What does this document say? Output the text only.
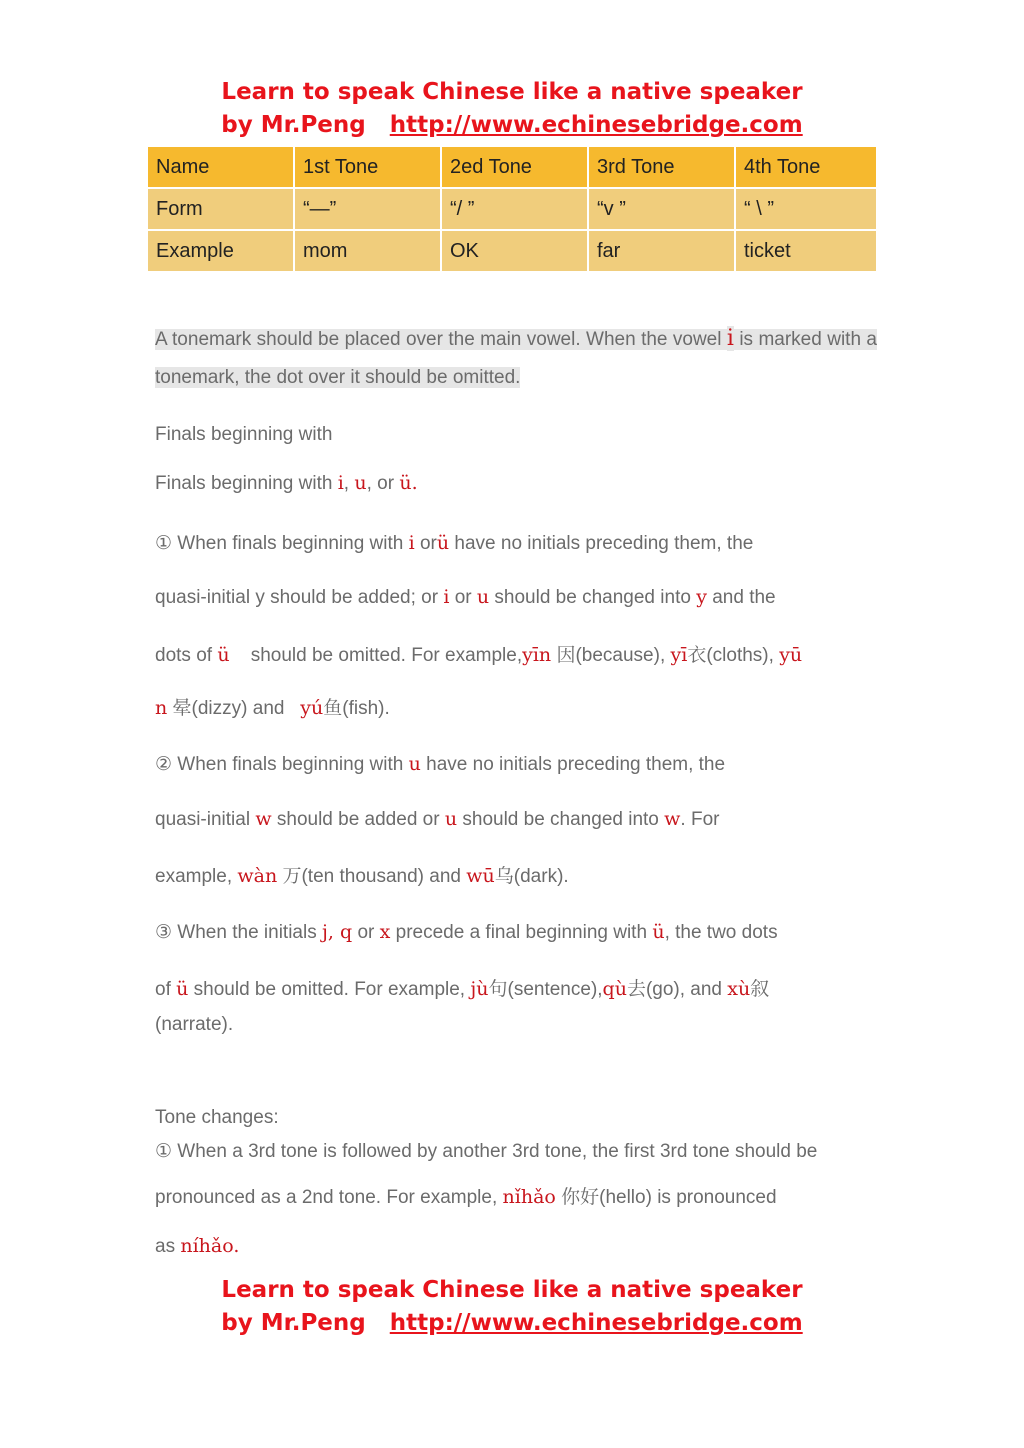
Learn to speak Chinese like a native speaker
by Mr.Peng http://www.echinesebridge.com
Name	1st Tone	2ed Tone	3rd Tone	4th Tone
Form	“—”	“/ ”	“v ”	“ \ ”
Example	mom	OK	far	ticket
A tonemark should be placed over the main vowel. When the vowel i is marked with a tonemark, the dot over it should be omitted.
Finals beginning with
Finals beginning with i, u, or ü.
① When finals beginning with i orü have no initials preceding them, the
quasi-initial y should be added; or i or u should be changed into y and the
dots of ü    should be omitted. For example,yīn 因(because), yī衣(cloths), yū
n 晕(dizzy) and   yú鱼(fish).
② When finals beginning with u have no initials preceding them, the
quasi-initial w should be added or u should be changed into w. For
example, wàn 万(ten thousand) and wū乌(dark).
③ When the initials j, q or x precede a final beginning with ü, the two dots
of ü should be omitted. For example, jù句(sentence),qù去(go), and xù叙
(narrate).
Tone changes:
① When a 3rd tone is followed by another 3rd tone, the first 3rd tone should be
pronounced as a 2nd tone. For example, nǐhǎo 你好(hello) is pronounced
as níhǎo.
Learn to speak Chinese like a native speaker
by Mr.Peng http://www.echinesebridge.com
